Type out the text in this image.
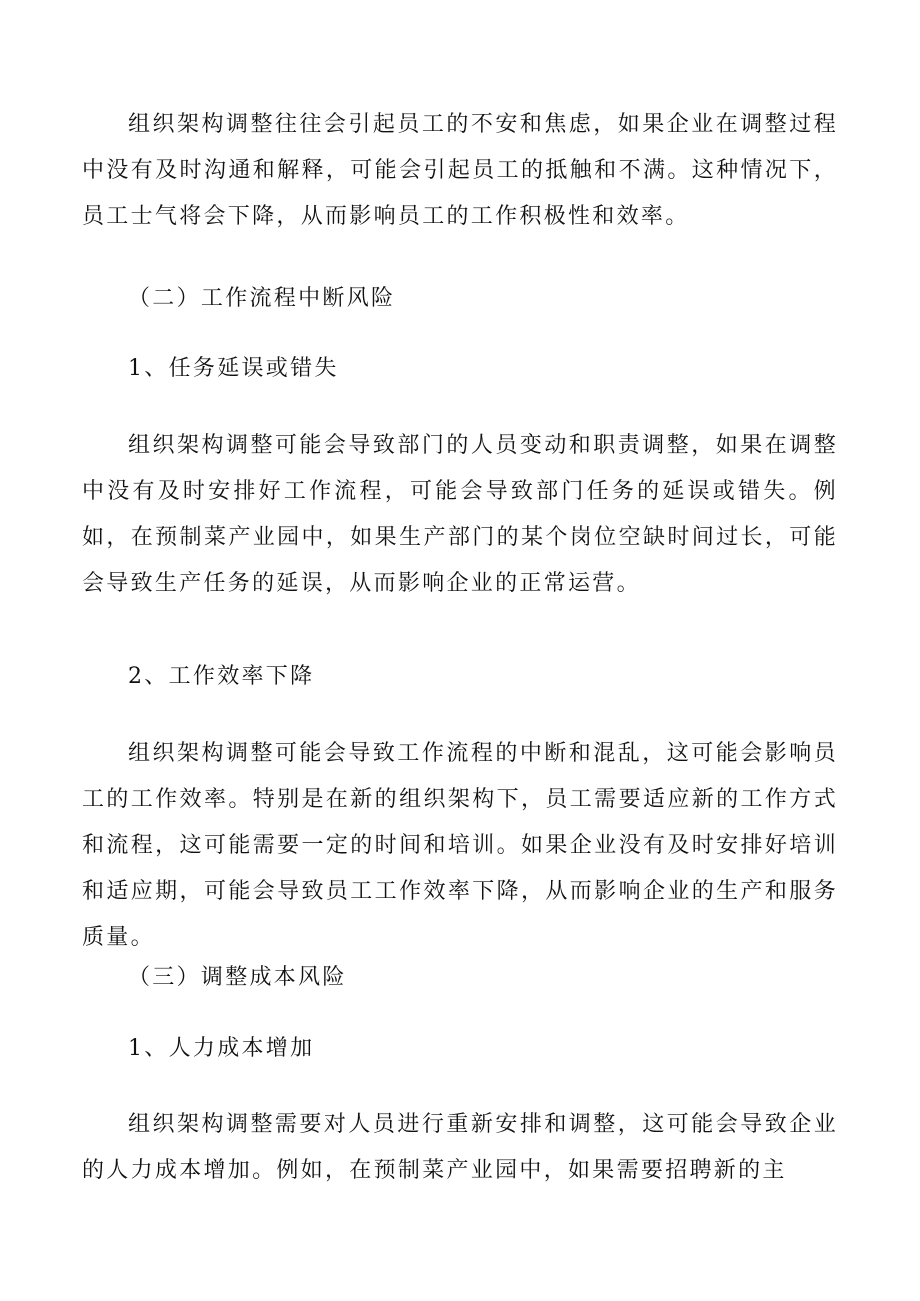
组织架构调整往往会引起员工的不安和焦虑，如果企业在调整过程中没有及时沟通和解释，可能会引起员工的抵触和不满。这种情况下，员工士气将会下降，从而影响员工的工作积极性和效率。

（二）工作流程中断风险

1、任务延误或错失

组织架构调整可能会导致部门的人员变动和职责调整，如果在调整中没有及时安排好工作流程，可能会导致部门任务的延误或错失。例如，在预制菜产业园中，如果生产部门的某个岗位空缺时间过长，可能会导致生产任务的延误，从而影响企业的正常运营。

2、工作效率下降

组织架构调整可能会导致工作流程的中断和混乱，这可能会影响员工的工作效率。特别是在新的组织架构下，员工需要适应新的工作方式和流程，这可能需要一定的时间和培训。如果企业没有及时安排好培训和适应期，可能会导致员工工作效率下降，从而影响企业的生产和服务质量。

（三）调整成本风险

1、人力成本增加

组织架构调整需要对人员进行重新安排和调整，这可能会导致企业的人力成本增加。例如，在预制菜产业园中，如果需要招聘新的主
